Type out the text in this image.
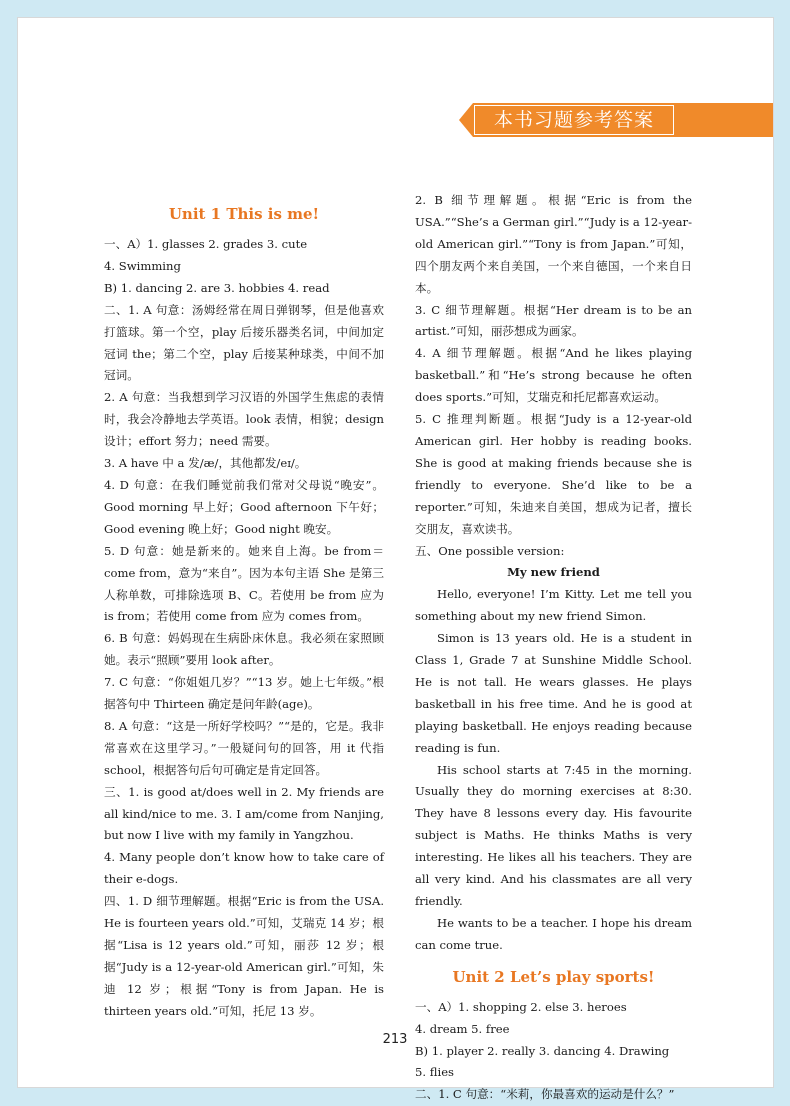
本书习题参考答案

Unit 1 This is me!

一、A）1. glasses 2. grades 3. cute

4. Swimming

B) 1. dancing 2. are 3. hobbies 4. read

二、1. A 句意：汤姆经常在周日弹钢琴，但是他喜欢打篮球。第一个空，play 后接乐器类名词，中间加定冠词 the；第二个空，play 后接某种球类，中间不加冠词。

2. A 句意：当我想到学习汉语的外国学生焦虑的表情时，我会冷静地去学英语。look 表情，相貌；design 设计；effort 努力；need 需要。

3. A have 中 a 发/æ/，其他都发/eɪ/。

4. D 句意：在我们睡觉前我们常对父母说“晚安”。Good morning 早上好；Good afternoon 下午好；Good evening 晚上好；Good night 晚安。

5. D 句意：她是新来的。她来自上海。be from＝come from，意为“来自”。因为本句主语 She 是第三人称单数，可排除选项 B、C。若使用 be from 应为 is from；若使用 come from 应为 comes from。

6. B 句意：妈妈现在生病卧床休息。我必须在家照顾她。表示“照顾”要用 look after。

7. C 句意：“你姐姐几岁？”“13 岁。她上七年级。”根据答句中 Thirteen 确定是问年龄(age)。

8. A 句意：“这是一所好学校吗？”“是的，它是。我非常喜欢在这里学习。”一般疑问句的回答，用 it 代指 school，根据答句后句可确定是肯定回答。

三、1. is good at/does well in 2. My friends are all kind/nice to me. 3. I am/come from Nanjing, but now I live with my family in Yangzhou.

4. Many people don’t know how to take care of their e-dogs.

四、1. D 细节理解题。根据“Eric is from the USA. He is fourteen years old.”可知，艾瑞克 14 岁；根据“Lisa is 12 years old.”可知，丽莎 12 岁；根据“Judy is a 12-year-old American girl.”可知，朱迪 12 岁；根据“Tony is from Japan. He is thirteen years old.”可知，托尼 13 岁。

2. B 细节理解题。根据“Eric is from the USA.”“She’s a German girl.”“Judy is a 12-year-old American girl.”“Tony is from Japan.”可知，四个朋友两个来自美国，一个来自德国，一个来自日本。

3. C 细节理解题。根据“Her dream is to be an artist.”可知，丽莎想成为画家。

4. A 细节理解题。根据“And he likes playing basketball.”和“He’s strong because he often does sports.”可知，艾瑞克和托尼都喜欢运动。

5. C 推理判断题。根据“Judy is a 12-year-old American girl. Her hobby is reading books. She is good at making friends because she is friendly to everyone. She’d like to be a reporter.”可知，朱迪来自美国，想成为记者，擅长交朋友，喜欢读书。

五、One possible version:

My new friend

Hello, everyone! I’m Kitty. Let me tell you something about my new friend Simon.

Simon is 13 years old. He is a student in Class 1, Grade 7 at Sunshine Middle School. He is not tall. He wears glasses. He plays basketball in his free time. And he is good at playing basketball. He enjoys reading because reading is fun.

His school starts at 7:45 in the morning. Usually they do morning exercises at 8:30. They have 8 lessons every day. His favourite subject is Maths. He thinks Maths is very interesting. He likes all his teachers. They are all very kind. And his classmates are all very friendly.

He wants to be a teacher. I hope his dream can come true.

Unit 2 Let’s play sports!

一、A）1. shopping 2. else 3. heroes

4. dream 5. free

B) 1. player 2. really 3. dancing 4. Drawing

5. flies

二、1. C 句意：“米莉，你最喜欢的运动是什么？”

213
